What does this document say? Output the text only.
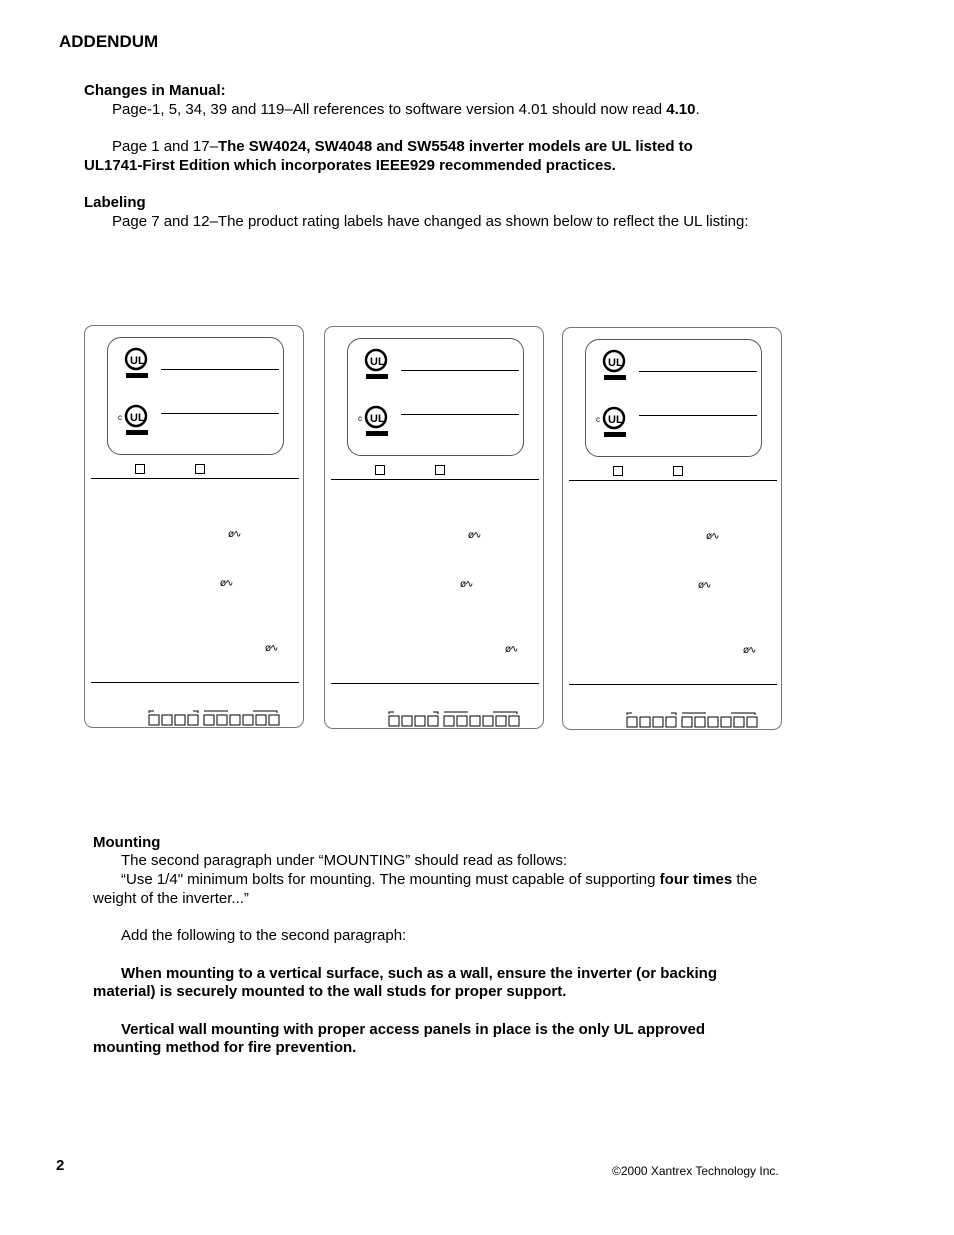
ADDENDUM
Changes in Manual:
Page-1, 5, 34, 39 and 119–All references to software version 4.01 should now read 4.10.
Page 1 and 17–The SW4024, SW4048 and SW5548 inverter models are UL listed to
UL1741-First Edition which incorporates IEEE929 recommended practices.
Labeling
Page 7 and 12–The product rating labels have changed as shown below to reflect the UL listing:
UL
c UL
ø∿
ø∿
ø∿
UL
c UL
ø∿
ø∿
ø∿
UL
c UL
ø∿
ø∿
ø∿
Mounting
The second paragraph under “MOUNTING” should read as follows:
“Use 1/4" minimum bolts for mounting. The mounting must capable of supporting four times the
weight of the inverter...”
Add the following to the second paragraph:
When mounting to a vertical surface, such as a wall, ensure the inverter (or backing
material) is securely mounted to the wall studs for proper support.
Vertical wall mounting with proper access panels in place is the only UL approved
mounting method for fire prevention.
2	©2000 Xantrex Technology Inc.
